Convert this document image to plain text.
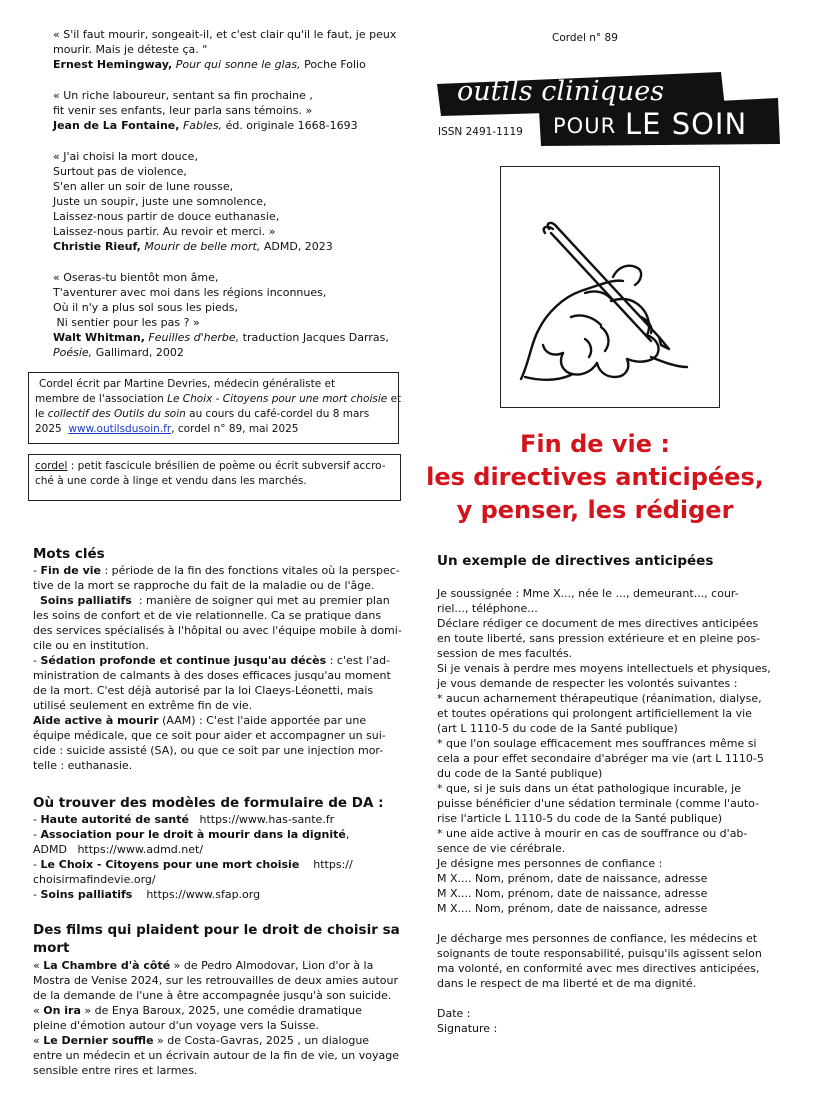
« S'il faut mourir, songeait-il, et c'est clair qu'il le faut, je peux

mourir. Mais je déteste ça. "

Ernest Hemingway, Pour qui sonne le glas, Poche Folio

« Un riche laboureur, sentant sa fin prochaine ,

fit venir ses enfants, leur parla sans témoins. »

Jean de La Fontaine, Fables, éd. originale 1668-1693

« J'ai choisi la mort douce,

Surtout pas de violence,

S'en aller un soir de lune rousse,

Juste un soupir, juste une somnolence,

Laissez-nous partir de douce euthanasie,

Laissez-nous partir. Au revoir et merci. »

Christie Rieuf, Mourir de belle mort, ADMD, 2023

« Oseras-tu bientôt mon âme,

T'aventurer avec moi dans les régions inconnues,

Où il n'y a plus sol sous les pieds,

Ni sentier pour les pas ? »

Walt Whitman, Feuilles d'herbe, traduction Jacques Darras,

Poésie, Gallimard, 2002

Cordel écrit par Martine Devries, médecin généraliste et

membre de l'association Le Choix - Citoyens pour une mort choisie et

le collectif des Outils du soin au cours du café-cordel du 8 mars

2025  www.outilsdusoin.fr, cordel n° 89, mai 2025

cordel : petit fascicule brésilien de poème ou écrit subversif accro-

ché à une corde à linge et vendu dans les marchés.

Cordel n° 89

outils cliniques
POUR LE SOIN

ISSN 2491-1119

Fin de vie :

les directives anticipées,

y penser, les rédiger

Mots clés

- Fin de vie : période de la fin des fonctions vitales où la perspec-

tive de la mort se rapproche du fait de la maladie ou de l'âge.

Soins palliatifs  : manière de soigner qui met au premier plan

les soins de confort et de vie relationnelle. Ca se pratique dans

des services spécialisés à l'hôpital ou avec l'équipe mobile à domi-

cile ou en institution.

- Sédation profonde et continue jusqu'au décès : c'est l'ad-

ministration de calmants à des doses efficaces jusqu'au moment

de la mort. C'est déjà autorisé par la loi Claeys-Léonetti, mais

utilisé seulement en extrême fin de vie.

Aide active à mourir (AAM) : C'est l'aide apportée par une

équipe médicale, que ce soit pour aider et accompagner un sui-

cide : suicide assisté (SA), ou que ce soit par une injection mor-

telle : euthanasie.

Où trouver des modèles de formulaire de DA :

- Haute autorité de santé   https://www.has-sante.fr

- Association pour le droit à mourir dans la dignité,

ADMD   https://www.admd.net/

- Le Choix - Citoyens pour une mort choisie    https://

choisirmafindevie.org/

- Soins palliatifs    https://www.sfap.org

Des films qui plaident pour le droit de choisir sa

mort

« La Chambre d'à côté » de Pedro Almodovar, Lion d'or à la

Mostra de Venise 2024, sur les retrouvailles de deux amies autour

de la demande de l'une à être accompagnée jusqu'à son suicide.

« On ira » de Enya Baroux, 2025, une comédie dramatique

pleine d'émotion autour d'un voyage vers la Suisse.

« Le Dernier souffle » de Costa-Gavras, 2025 , un dialogue

entre un médecin et un écrivain autour de la fin de vie, un voyage

sensible entre rires et larmes.

Un exemple de directives anticipées

Je soussignée : Mme X..., née le ..., demeurant..., cour-

riel..., téléphone...

Déclare rédiger ce document de mes directives anticipées

en toute liberté, sans pression extérieure et en pleine pos-

session de mes facultés.

Si je venais à perdre mes moyens intellectuels et physiques,

je vous demande de respecter les volontés suivantes :

* aucun acharnement thérapeutique (réanimation, dialyse,

et toutes opérations qui prolongent artificiellement la vie

(art L 1110-5 du code de la Santé publique)

* que l'on soulage efficacement mes souffrances même si

cela a pour effet secondaire d'abréger ma vie (art L 1110-5

du code de la Santé publique)

* que, si je suis dans un état pathologique incurable, je

puisse bénéficier d'une sédation terminale (comme l'auto-

rise l'article L 1110-5 du code de la Santé publique)

* une aide active à mourir en cas de souffrance ou d'ab-

sence de vie cérébrale.

Je désigne mes personnes de confiance :

M X.... Nom, prénom, date de naissance, adresse

M X.... Nom, prénom, date de naissance, adresse

M X.... Nom, prénom, date de naissance, adresse

Je décharge mes personnes de confiance, les médecins et

soignants de toute responsabilité, puisqu'ils agissent selon

ma volonté, en conformité avec mes directives anticipées,

dans le respect de ma liberté et de ma dignité.

Date :

Signature :
